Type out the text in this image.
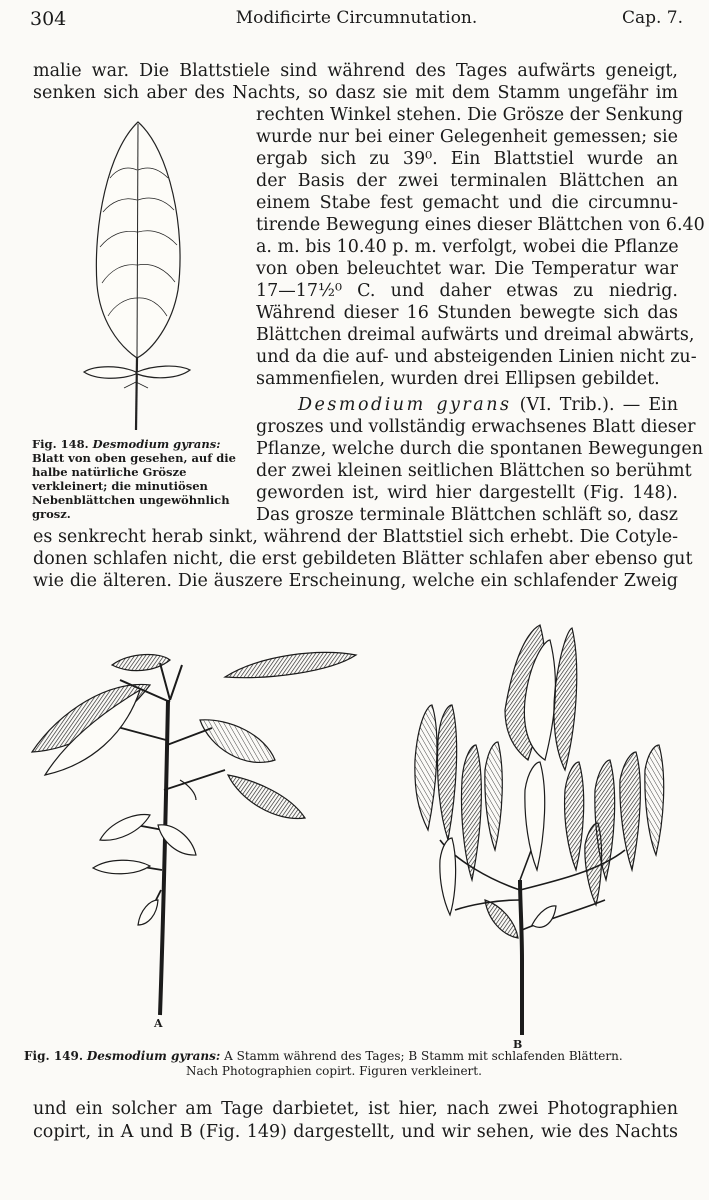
304	Modificirte Circumnutation.	Cap. 7.
malie war. Die Blattstiele sind während des Tages aufwärts geneigt,
senken sich aber des Nachts, so dasz sie mit dem Stamm ungefähr im
rechten Winkel stehen. Die Grösze der Senkung
wurde nur bei einer Gelegenheit gemessen; sie
ergab sich zu 39⁰. Ein Blattstiel wurde an
der Basis der zwei terminalen Blättchen an
einem Stabe fest gemacht und die circumnu-
tirende Bewegung eines dieser Blättchen von 6.40
a. m. bis 10.40 p. m. verfolgt, wobei die Pflanze
von oben beleuchtet war. Die Temperatur war
17—17½⁰ C. und daher etwas zu niedrig.
Während dieser 16 Stunden bewegte sich das
Blättchen dreimal aufwärts und dreimal abwärts,
und da die auf- und absteigenden Linien nicht zu-
sammenfielen, wurden drei Ellipsen gebildet.
Desmodium gyrans (VI. Trib.). — Ein
groszes und vollständig erwachsenes Blatt dieser
Pflanze, welche durch die spontanen Bewegungen
der zwei kleinen seitlichen Blättchen so berühmt
geworden ist, wird hier dargestellt (Fig. 148).
Das grosze terminale Blättchen schläft so, dasz
es senkrecht herab sinkt, während der Blattstiel sich erhebt. Die Cotyle-
donen schlafen nicht, die erst gebildeten Blätter schlafen aber ebenso gut
wie die älteren. Die äuszere Erscheinung, welche ein schlafender Zweig
Fig. 148. Desmodium gyrans: Blatt von oben gesehen, auf die halbe natürliche Grösze verkleinert; die minutiösen Nebenblättchen ungewöhnlich grosz.
A
B
Fig. 149. Desmodium gyrans: A Stamm während des Tages; B Stamm mit schlafenden Blättern.
Nach Photographien copirt. Figuren verkleinert.
und ein solcher am Tage darbietet, ist hier, nach zwei Photographien
copirt, in A und B (Fig. 149) dargestellt, und wir sehen, wie des Nachts
